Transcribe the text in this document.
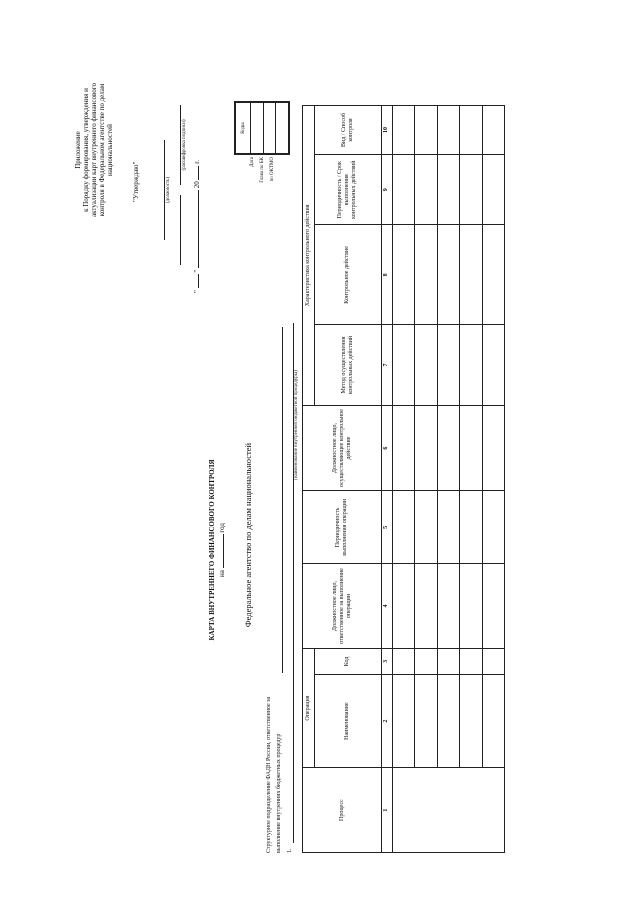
Приложение к Порядку формирования, утверждения и актуализации карт внутреннего финансового контроля в Федеральном агентстве по делам национальностей
"Утверждаю"	(должность)
(расшифровка подписи)
"  "  20  г.	Дата	Глава по БК	по ОКТМО
Коды

КАРТА ВНУТРЕННЕГО ФИНАНСОВОГО КОНТРОЛЯ на  год Федеральное агентство по делам национальностей
Структурное подразделение ФАДН России, ответственное за выполнение внутренних бюджетных процедур 1.
(наименование внутренней бюджетной процедуры)
Процесс	Операция		Должностное лицо, ответственное за выполнение операции	Периодичность выполнения операции	Должностное лицо, осуществляющее контрольное действие	Характеристика контрольного действия			
	Наименование	Код				Метод осуществления контрольных действий	Контрольное действие	Периодичность / Срок выполнения контрольных действий	Вид / Способ контроля
1	2	3	4	5	6	7	8	9	10
